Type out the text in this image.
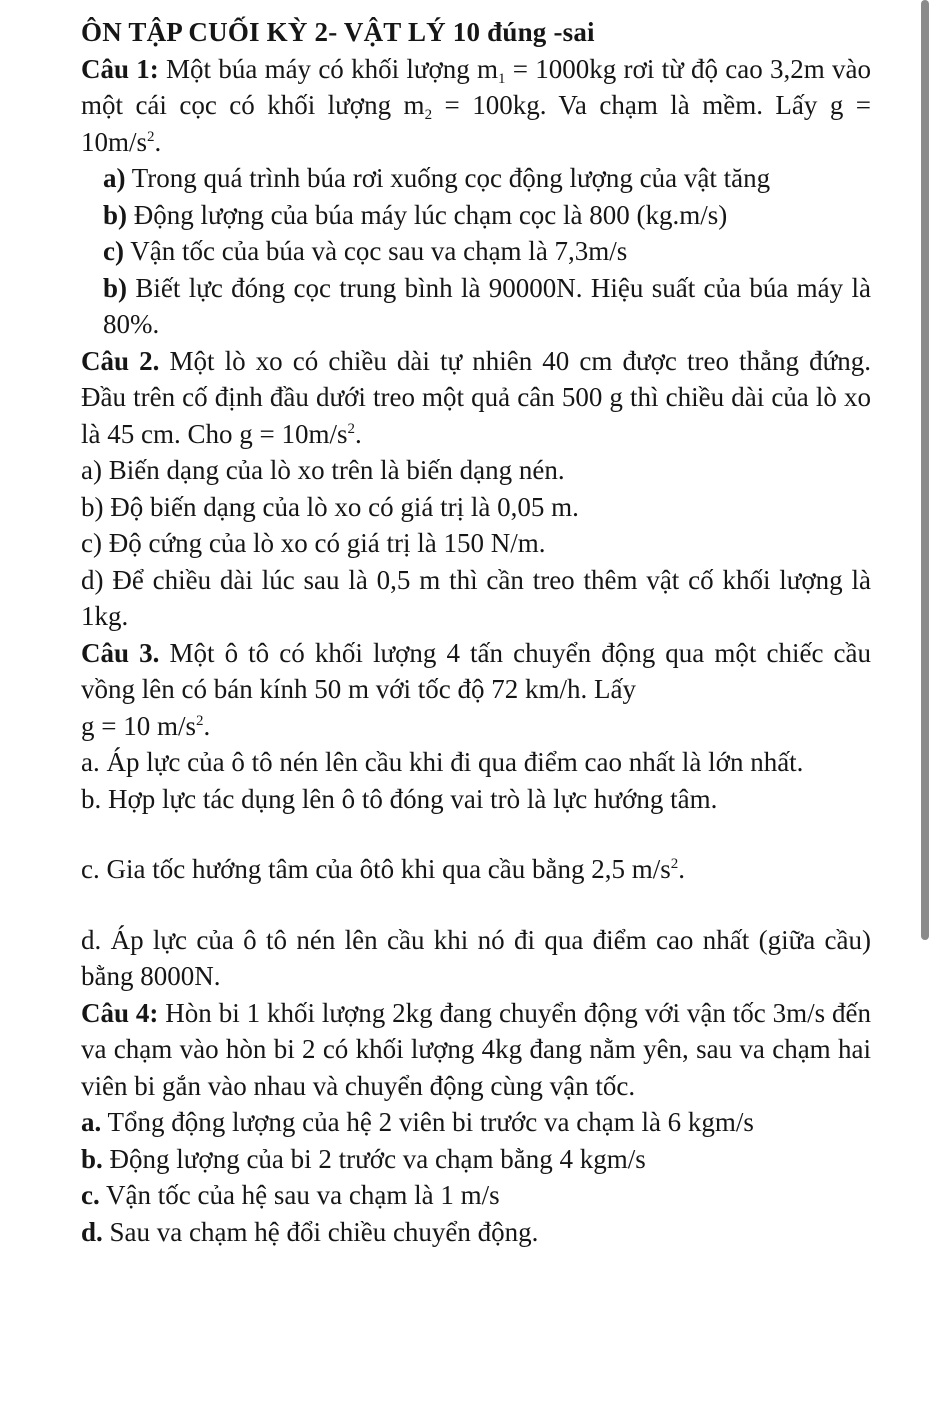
ÔN TẬP CUỐI KỲ 2- VẬT LÝ 10 đúng -sai
Câu 1: Một búa máy có khối lượng $m_1 = 1000kg$ rơi từ độ cao 3,2m vào một cái cọc có khối lượng $m_2 = 100kg$. Va chạm là mềm. Lấy $g = 10m/s^2$.
a) Trong quá trình búa rơi xuống cọc động lượng của vật tăng
b) Động lượng của búa máy lúc chạm cọc là 800 (kg.m/s)
c) Vận tốc của búa và cọc sau va chạm là 7,3m/s
b) Biết lực đóng cọc trung bình là 90000N. Hiệu suất của búa máy là 80%.
Câu 2. Một lò xo có chiều dài tự nhiên 40 cm được treo thẳng đứng. Đầu trên cố định đầu dưới treo một quả cân 500 g thì chiều dài của lò xo là 45 cm. Cho $g = 10m/s^2$.
a) Biến dạng của lò xo trên là biến dạng nén.
b) Độ biến dạng của lò xo có giá trị là 0,05 m.
c) Độ cứng của lò xo có giá trị là 150 N/m.
d) Để chiều dài lúc sau là 0,5 m thì cần treo thêm vật cố khối lượng là 1kg.
Câu 3. Một ô tô có khối lượng 4 tấn chuyển động qua một chiếc cầu vồng lên có bán kính 50 m với tốc độ 72 km/h. Lấy
g = 10 $m/s^2$.
a. Áp lực của ô tô nén lên cầu khi đi qua điểm cao nhất là lớn nhất.
b. Hợp lực tác dụng lên ô tô đóng vai trò là lực hướng tâm.
c. Gia tốc hướng tâm của ôtô khi qua cầu bằng 2,5 $m/s^2$.
d. Áp lực của ô tô nén lên cầu khi nó đi qua điểm cao nhất (giữa cầu) bằng 8000N.
Câu 4: Hòn bi 1 khối lượng 2kg đang chuyển động với vận tốc 3m/s đến va chạm vào hòn bi 2 có khối lượng 4kg đang nằm yên, sau va chạm hai viên bi gắn vào nhau và chuyển động cùng vận tốc.
a. Tổng động lượng của hệ 2 viên bi trước va chạm là 6 kgm/s
b. Động lượng của bi 2 trước va chạm bằng 4 kgm/s
c. Vận tốc của hệ sau va chạm là 1 m/s
d. Sau va chạm hệ đổi chiều chuyển động.
